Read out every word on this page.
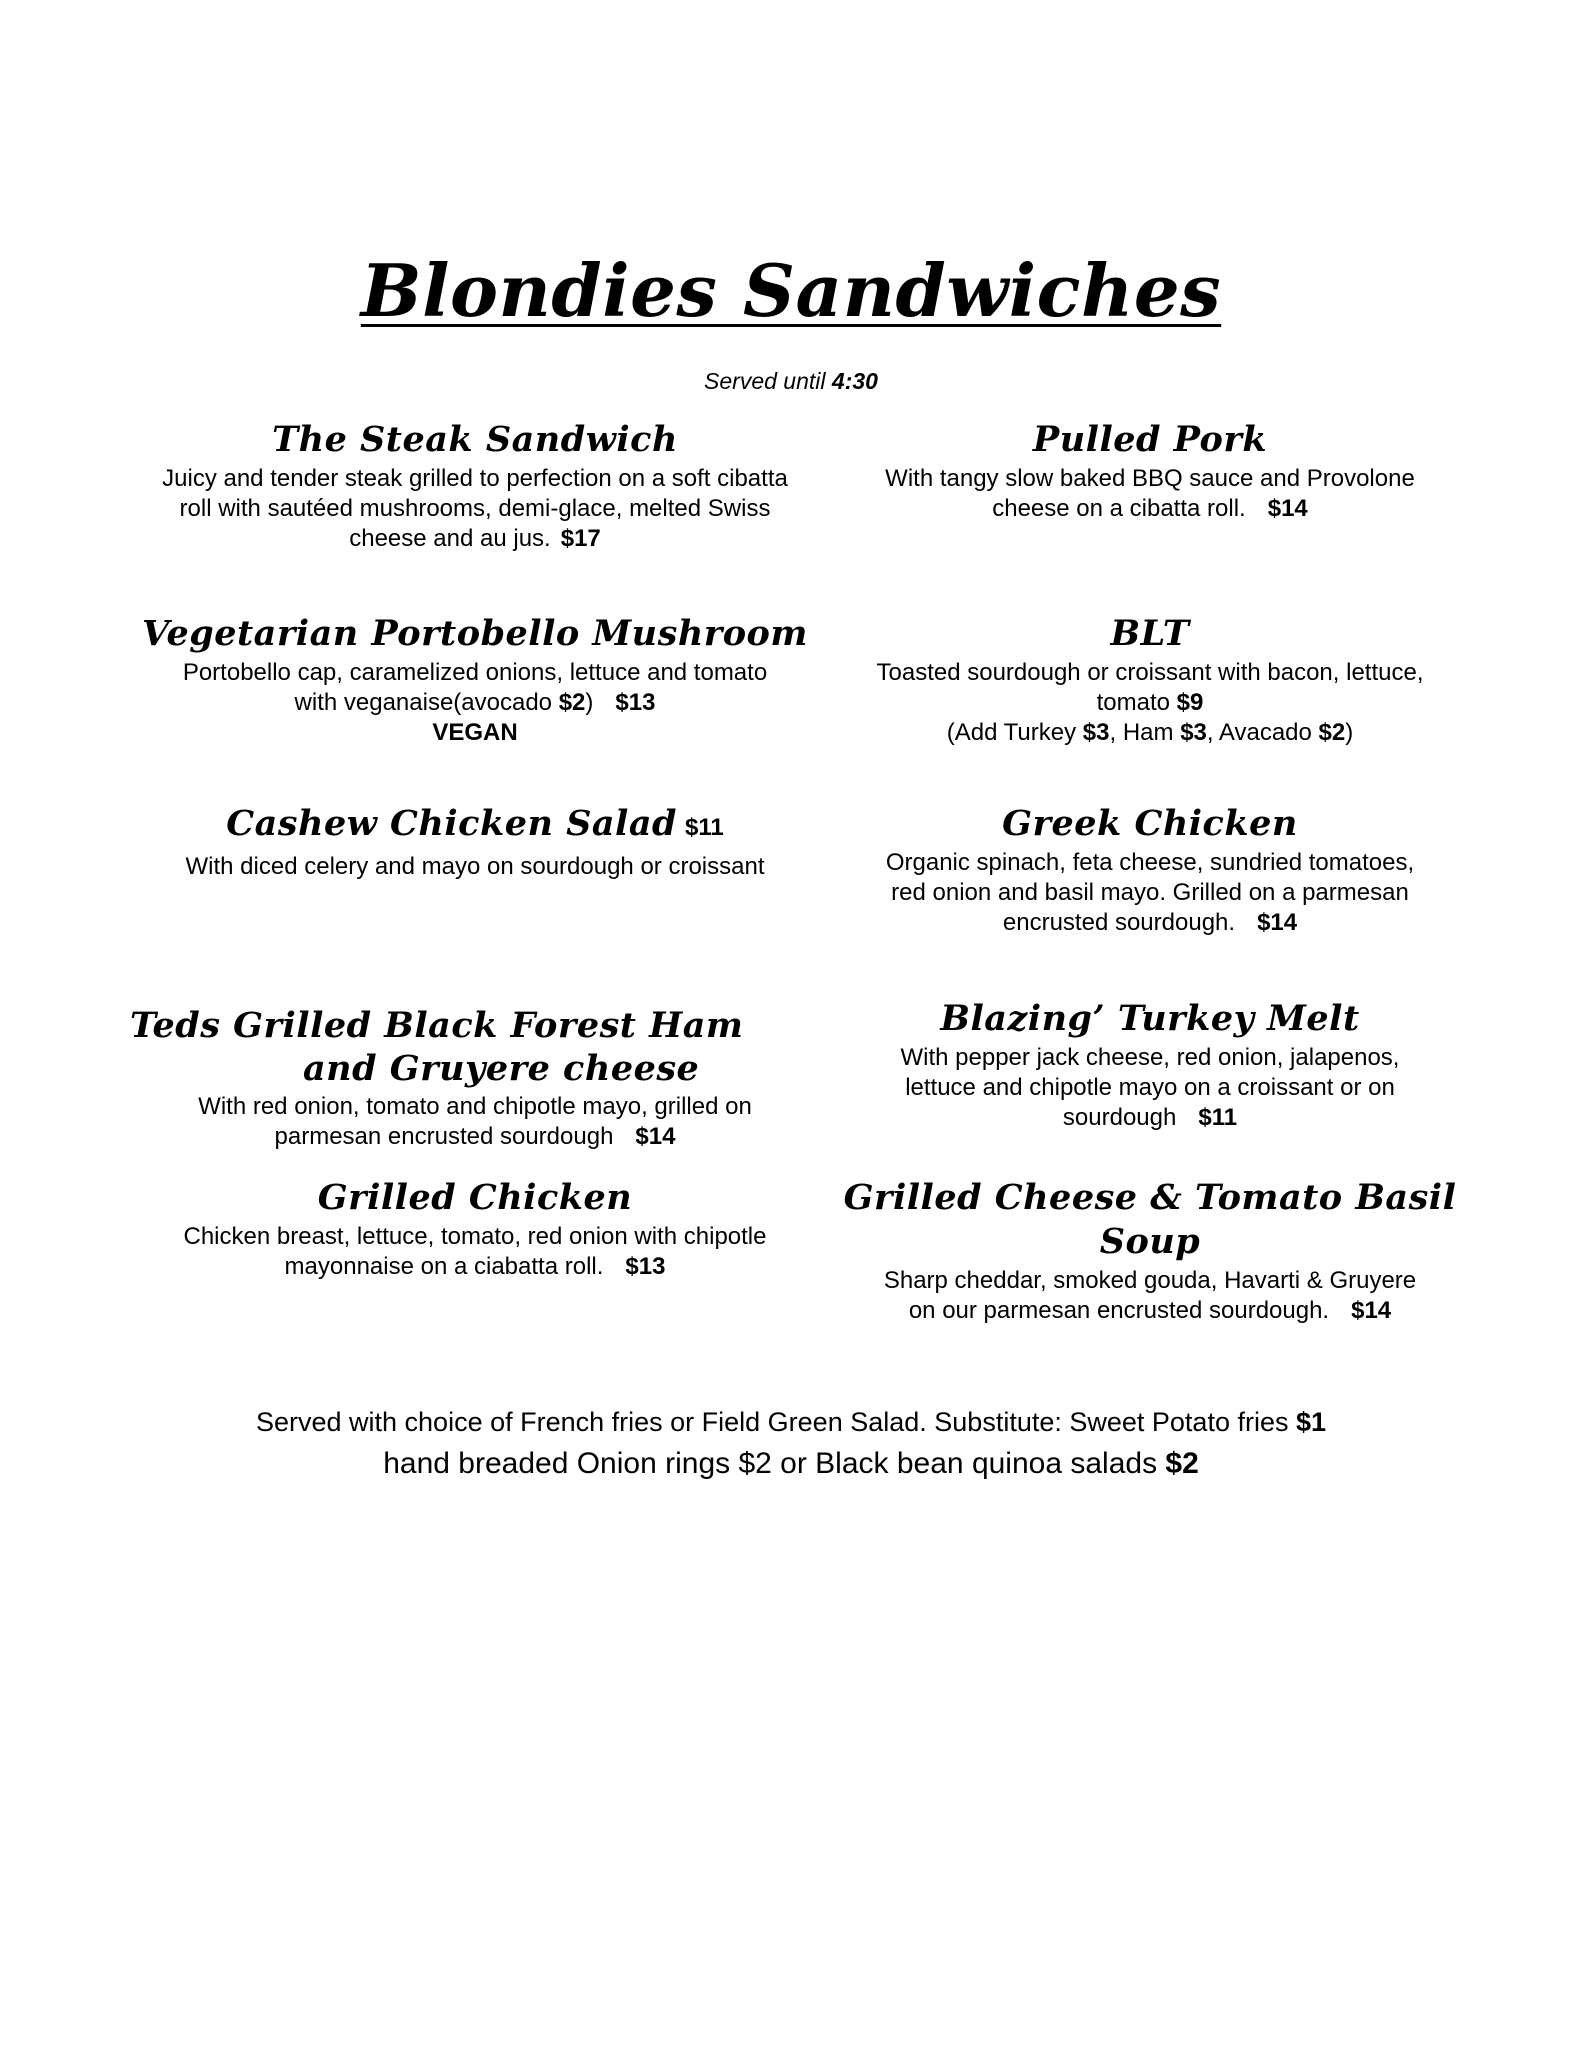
Blondies Sandwiches
Served until 4:30
The Steak Sandwich
Juicy and tender steak grilled to perfection on a soft cibatta
roll with sautéed mushrooms, demi-glace, melted Swiss
cheese and au jus. $17
Pulled Pork
With tangy slow baked BBQ sauce and Provolone
cheese on a cibatta roll. $14
Vegetarian Portobello Mushroom
Portobello cap, caramelized onions, lettuce and tomato
with veganaise(avocado $2) $13
VEGAN
BLT
Toasted sourdough or croissant with bacon, lettuce,
tomato $9
(Add Turkey $3, Ham $3, Avacado $2)
Cashew Chicken Salad $11
With diced celery and mayo on sourdough or croissant
Greek Chicken
Organic spinach, feta cheese, sundried tomatoes,
red onion and basil mayo. Grilled on a parmesan
encrusted sourdough. $14
Teds Grilled Black Forest Ham
and Gruyere cheese
With red onion, tomato and chipotle mayo, grilled on
parmesan encrusted sourdough $14
Blazing’ Turkey Melt
With pepper jack cheese, red onion, jalapenos,
lettuce and chipotle mayo on a croissant or on
sourdough $11
Grilled Chicken
Chicken breast, lettuce, tomato, red onion with chipotle
mayonnaise on a ciabatta roll. $13
Grilled Cheese & Tomato Basil Soup
Sharp cheddar, smoked gouda, Havarti & Gruyere
on our parmesan encrusted sourdough. $14
Served with choice of French fries or Field Green Salad. Substitute: Sweet Potato fries $1
hand breaded Onion rings $2 or Black bean quinoa salads $2
